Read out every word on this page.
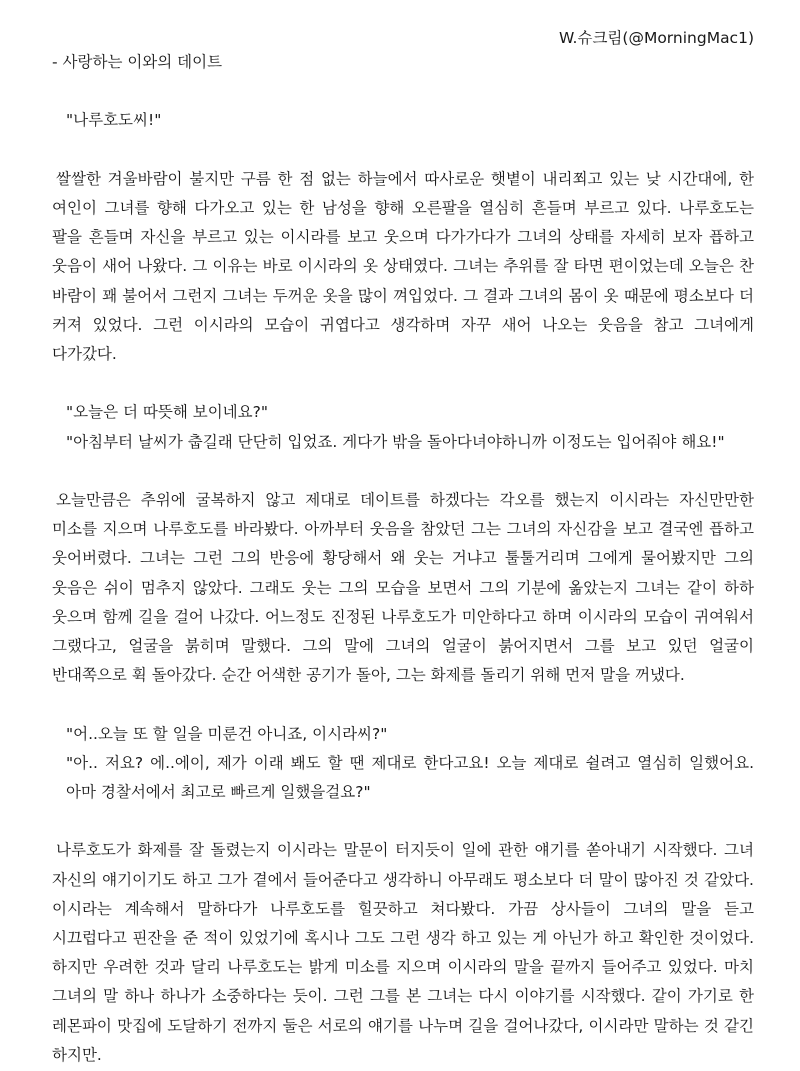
W.슈크림(@MorningMac1)

- 사랑하는 이와의 데이트

"나루호도씨!"

쌀쌀한 겨울바람이 불지만 구름 한 점 없는 하늘에서 따사로운 햇볕이 내리쬐고 있는 낮 시간대에, 한 여인이 그녀를 향해 다가오고 있는 한 남성을 향해 오른팔을 열심히 흔들며 부르고 있다. 나루호도는 팔을 흔들며 자신을 부르고 있는 이시라를 보고 웃으며 다가가다가 그녀의 상태를 자세히 보자 픕하고 웃음이 새어 나왔다. 그 이유는 바로 이시라의 옷 상태였다. 그녀는 추위를 잘 타면 편이었는데 오늘은 찬 바람이 꽤 불어서 그런지 그녀는 두꺼운 옷을 많이 껴입었다. 그 결과 그녀의 몸이 옷 때문에 평소보다 더 커져 있었다. 그런 이시라의 모습이 귀엽다고 생각하며 자꾸 새어 나오는 웃음을 참고 그녀에게 다가갔다.

"오늘은 더 따뜻해 보이네요?"

"아침부터 날씨가 춥길래 단단히 입었죠. 게다가 밖을 돌아다녀야하니까 이정도는 입어줘야 해요!"

오늘만큼은 추위에 굴복하지 않고 제대로 데이트를 하겠다는 각오를 했는지 이시라는 자신만만한 미소를 지으며 나루호도를 바라봤다. 아까부터 웃음을 참았던 그는 그녀의 자신감을 보고 결국엔 픕하고 웃어버렸다. 그녀는 그런 그의 반응에 황당해서 왜 웃는 거냐고 툴툴거리며 그에게 물어봤지만 그의 웃음은 쉬이 멈추지 않았다. 그래도 웃는 그의 모습을 보면서 그의 기분에 옮았는지 그녀는 같이 하하 웃으며 함께 길을 걸어 나갔다. 어느정도 진정된 나루호도가 미안하다고 하며 이시라의 모습이 귀여워서 그랬다고, 얼굴을 붉히며 말했다. 그의 말에 그녀의 얼굴이 붉어지면서 그를 보고 있던 얼굴이 반대쪽으로 휙 돌아갔다. 순간 어색한 공기가 돌아, 그는 화제를 돌리기 위해 먼저 말을 꺼냈다.

"어..오늘 또 할 일을 미룬건 아니죠, 이시라씨?"

"아.. 저요? 에..에이, 제가 이래 봬도 할 땐 제대로 한다고요! 오늘 제대로 쉴려고 열심히 일했어요. 아마 경찰서에서 최고로 빠르게 일했을걸요?"

나루호도가 화제를 잘 돌렸는지 이시라는 말문이 터지듯이 일에 관한 얘기를 쏟아내기 시작했다. 그녀 자신의 얘기이기도 하고 그가 곁에서 들어준다고 생각하니 아무래도 평소보다 더 말이 많아진 것 같았다. 이시라는 계속해서 말하다가 나루호도를 힐끗하고 쳐다봤다. 가끔 상사들이 그녀의 말을 듣고 시끄럽다고 핀잔을 준 적이 있었기에 혹시나 그도 그런 생각 하고 있는 게 아닌가 하고 확인한 것이었다. 하지만 우려한 것과 달리 나루호도는 밝게 미소를 지으며 이시라의 말을 끝까지 들어주고 있었다. 마치 그녀의 말 하나 하나가 소중하다는 듯이. 그런 그를 본 그녀는 다시 이야기를 시작했다. 같이 가기로 한 레몬파이 맛집에 도달하기 전까지 둘은 서로의 얘기를 나누며 길을 걸어나갔다, 이시라만 말하는 것 같긴 하지만.
